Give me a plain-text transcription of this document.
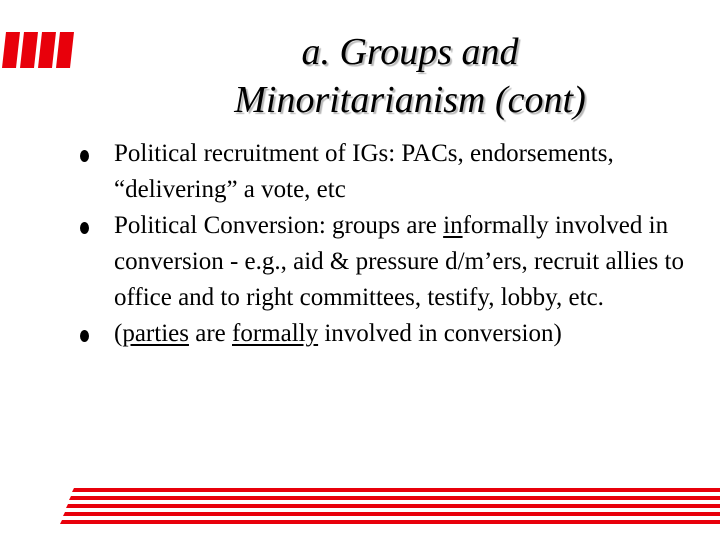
a. Groups and
Minoritarianism (cont)
Political recruitment of IGs: PACs, endorsements, “delivering” a vote, etc
Political Conversion: groups are informally involved in conversion - e.g., aid & pressure d/m’ers, recruit allies to office and to right committees, testify, lobby, etc.
(parties are formally involved in conversion)
